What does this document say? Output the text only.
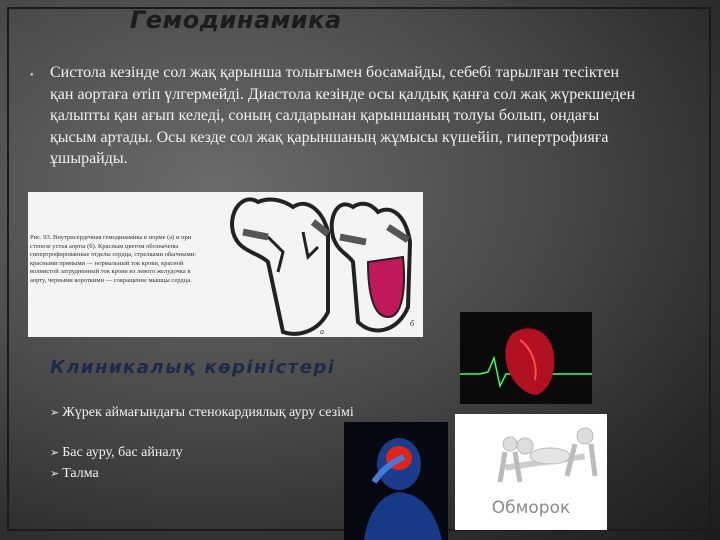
Гемодинамика
• Систола кезінде сол жақ қарынша толығымен босамайды, себебі тарылған тесіктен қан аортаға өтіп үлгермейді. Диастола кезінде осы қалдық қанға сол жақ жүрекшеден қалыпты қан ағып келеді, соның салдарынан қарыншаның толуы болып, ондағы қысым артады. Осы кезде сол жақ қарыншаның жұмысы күшейіп, гипертрофияға ұшырайды.
Рис. 93. Внутрисердечная гемодинамика в норме (а) и при стенозе устья аорты (б). Красным цветом обозначены гипертрофированные отделы сердца, стрелками обычными: красными прямыми — нормальный ток крови, красной волнистой затрудненный ток крови из левого желудочка в аорту, черными короткими — сокращение мышцы сердца.
а
б
Клиникалық көріністері
➢ Жүрек аймағындағы стенокардиялық ауру сезімі
➢ Бас ауру, бас айналу
➢ Талма
Обморок
